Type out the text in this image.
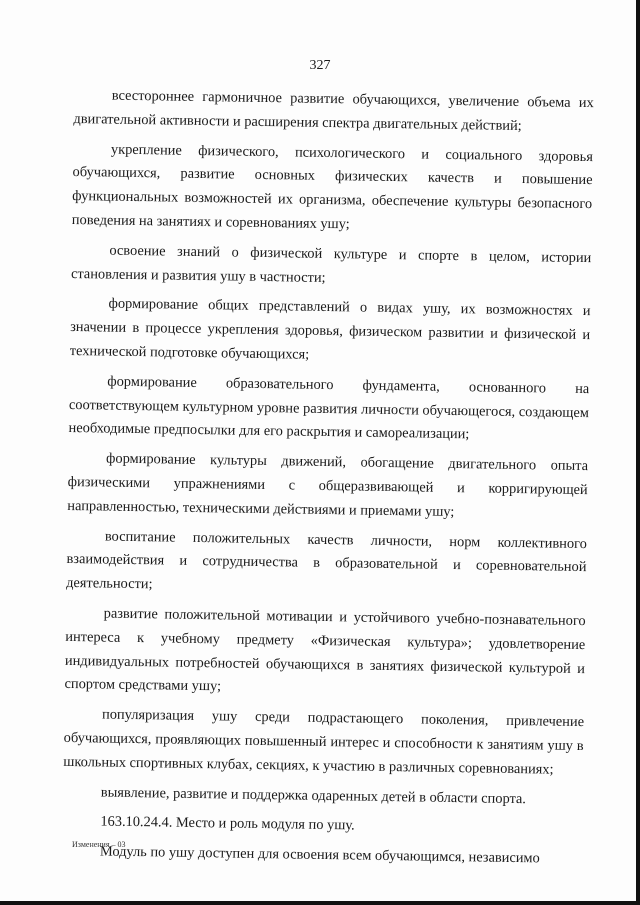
327

всестороннее гармоничное развитие обучающихся, увеличение объема их двигательной активности и расширения спектра двигательных действий;

укрепление физического, психологического и социального здоровья обучающихся, развитие основных физических качеств и повышение функциональных возможностей их организма, обеспечение культуры безопасного поведения на занятиях и соревнованиях ушу;

освоение знаний о физической культуре и спорте в целом, истории становления и развития ушу в частности;

формирование общих представлений о видах ушу, их возможностях и значении в процессе укрепления здоровья, физическом развитии и физической и технической подготовке обучающихся;

формирование образовательного фундамента, основанного на соответствующем культурном уровне развития личности обучающегося, создающем необходимые предпосылки для его раскрытия и самореализации;

формирование культуры движений, обогащение двигательного опыта физическими упражнениями с общеразвивающей и корригирующей направленностью, техническими действиями и приемами ушу;

воспитание положительных качеств личности, норм коллективного взаимодействия и сотрудничества в образовательной и соревновательной деятельности;

развитие положительной мотивации и устойчивого учебно-познавательного интереса к учебному предмету «Физическая культура»; удовлетворение индивидуальных потребностей обучающихся в занятиях физической культурой и спортом средствами ушу;

популяризация ушу среди подрастающего поколения, привлечение обучающихся, проявляющих повышенный интерес и способности к занятиям ушу в школьных спортивных клубах, секциях, к участию в различных соревнованиях;

выявление, развитие и поддержка одаренных детей в области спорта.

163.10.24.4. Место и роль модуля по ушу.

Модуль по ушу доступен для освоения всем обучающимся, независимо

Изменения – 03
